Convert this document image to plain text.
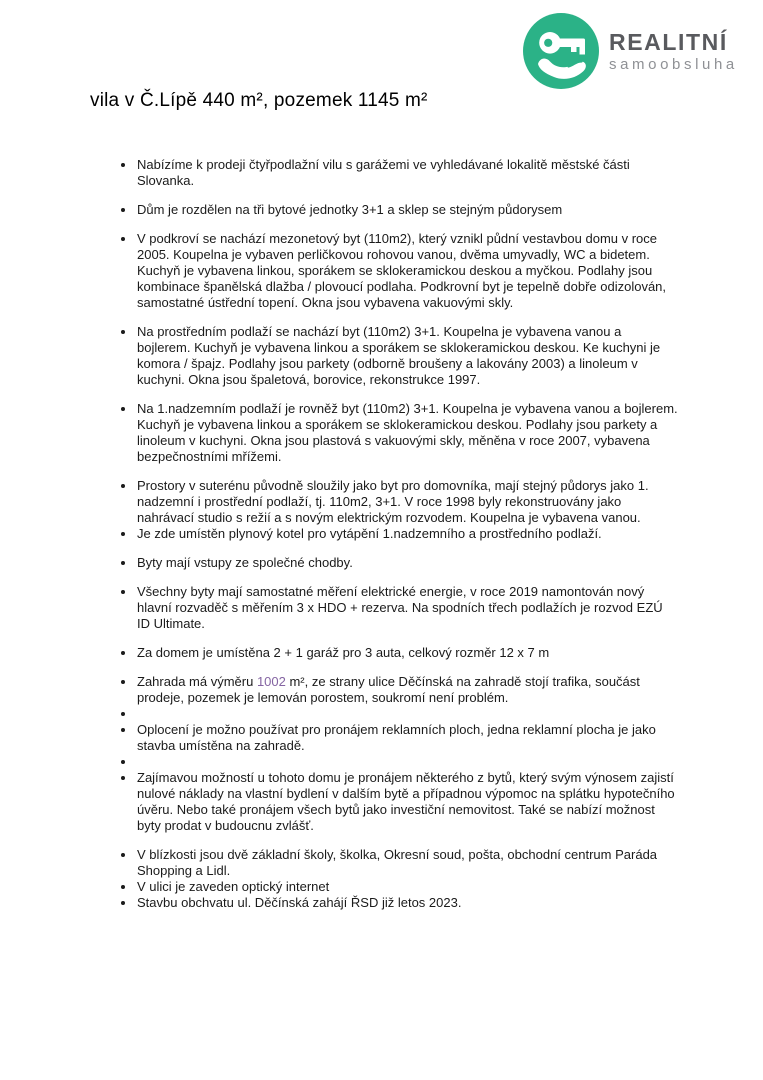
REALITNÍ
samoobsluha
vila v Č.Lípě 440 m², pozemek 1145 m²
Nabízíme k prodeji čtyřpodlažní vilu s garážemi ve vyhledávané lokalitě městské části Slovanka.
Dům je rozdělen na tři bytové jednotky 3+1 a sklep se stejným půdorysem
V podkroví se nachází mezonetový byt (110m2), který vznikl půdní vestavbou domu v roce 2005. Koupelna je vybaven perličkovou rohovou vanou, dvěma umyvadly, WC a bidetem. Kuchyň je vybavena linkou, sporákem se sklokeramickou deskou a myčkou. Podlahy jsou kombinace španělská dlažba / plovoucí podlaha. Podkrovní byt je tepelně dobře odizolován, samostatné ústřední topení. Okna jsou vybavena vakuovými skly.
Na prostředním podlaží se nachází byt (110m2) 3+1. Koupelna je vybavena vanou a bojlerem. Kuchyň je vybavena linkou a sporákem se sklokeramickou deskou. Ke kuchyni je komora / špajz. Podlahy jsou parkety (odborně broušeny a lakovány 2003) a linoleum v kuchyni. Okna jsou špaletová, borovice, rekonstrukce 1997.
Na 1.nadzemním podlaží je rovněž byt (110m2) 3+1. Koupelna je vybavena vanou a bojlerem. Kuchyň je vybavena linkou a sporákem se sklokeramickou deskou. Podlahy jsou parkety a linoleum v kuchyni. Okna jsou plastová s vakuovými skly, měněna v roce 2007, vybavena bezpečnostními mřížemi.
Prostory v suterénu původně sloužily jako byt pro domovníka, mají stejný půdorys jako 1. nadzemní i prostřední podlaží, tj. 110m2, 3+1. V roce 1998 byly rekonstruovány jako nahrávací studio s režií a s novým elektrickým rozvodem. Koupelna je vybavena vanou.
Je zde umístěn plynový kotel pro vytápění 1.nadzemního a prostředního podlaží.
Byty mají vstupy ze společné chodby.
Všechny byty mají samostatné měření elektrické energie, v roce 2019 namontován nový hlavní rozvaděč s měřením 3 x HDO + rezerva. Na spodních třech podlažích je rozvod EZÚ ID Ultimate.
Za domem je umístěna 2 + 1 garáž pro 3 auta, celkový rozměr 12 x 7 m
Zahrada má výměru 1002 m², ze strany ulice Děčínská na zahradě stojí trafika, součást prodeje, pozemek je lemován porostem, soukromí není problém.
Oplocení je možno používat pro pronájem reklamních ploch, jedna reklamní plocha je jako stavba umístěna na zahradě.
Zajímavou možností u tohoto domu je pronájem některého z bytů, který svým výnosem zajistí nulové náklady na vlastní bydlení v dalším bytě a případnou výpomoc na splátku hypotečního úvěru. Nebo také pronájem všech bytů jako investiční nemovitost. Také se nabízí možnost byty prodat v budoucnu zvlášť.
V blízkosti jsou dvě základní školy, školka, Okresní soud, pošta, obchodní centrum Paráda Shopping a Lidl.
V ulici je zaveden optický internet
Stavbu obchvatu ul. Děčínská zahájí ŘSD již letos 2023.
